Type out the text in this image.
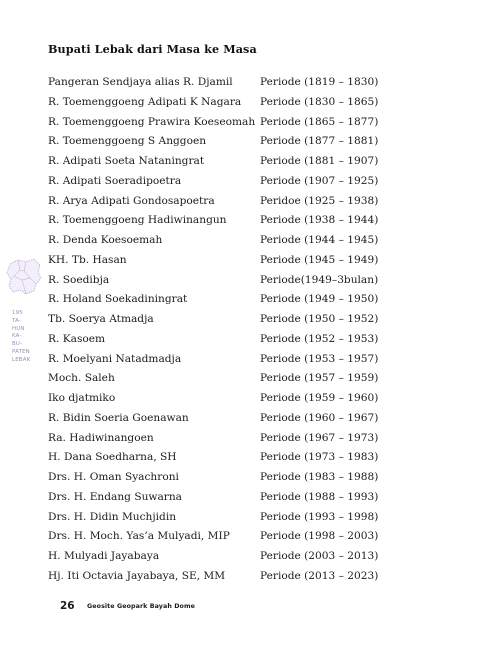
Bupati Lebak dari Masa ke Masa
Pangeran Sendjaya alias R. Djamil	Periode (1819 – 1830)
R. Toemenggoeng Adipati K Nagara Periode (1830 – 1865)
R. Toemenggoeng Prawira Koeseomah Periode (1865 – 1877)
R. Toemenggoeng S Anggoen	Periode (1877 – 1881)
R. Adipati Soeta Nataningrat	Periode (1881 – 1907)
R. Adipati Soeradipoetra	Periode (1907 – 1925)
R. Arya Adipati Gondosapoetra	Peridoe (1925 – 1938)
R. Toemenggoeng Hadiwinangun	Periode (1938 – 1944)
R. Denda Koesoemah	Periode (1944 – 1945)
KH. Tb. Hasan	Periode (1945 – 1949)
R. Soedibja	Periode(1949–3bulan)
R. Holand Soekadiningrat	Periode (1949 – 1950)
Tb. Soerya Atmadja	Periode (1950 – 1952)
R. Kasoem	Periode (1952 – 1953)
R. Moelyani Natadmadja	Periode (1953 – 1957)
Moch. Saleh	Periode (1957 – 1959)
Iko djatmiko	Periode (1959 – 1960)
R. Bidin Soeria Goenawan	Periode (1960 – 1967)
Ra. Hadiwinangoen	Periode (1967 – 1973)
H. Dana Soedharna, SH	Periode (1973 – 1983)
Drs. H. Oman Syachroni	Periode (1983 – 1988)
Drs. H. Endang Suwarna	Periode (1988 – 1993)
Drs. H. Didin Muchjidin	Periode (1993 – 1998)
Drs. H. Moch. Yas’a Mulyadi, MIP	Periode (1998 – 2003)
H. Mulyadi Jayabaya	Periode (2003 – 2013)
Hj. Iti Octavia Jayabaya, SE, MM	Periode (2013 – 2023)
195
TA-
HUN
KA-
BU-
PATEN
LEBAK
26 Geosite Geopark Bayah Dome
